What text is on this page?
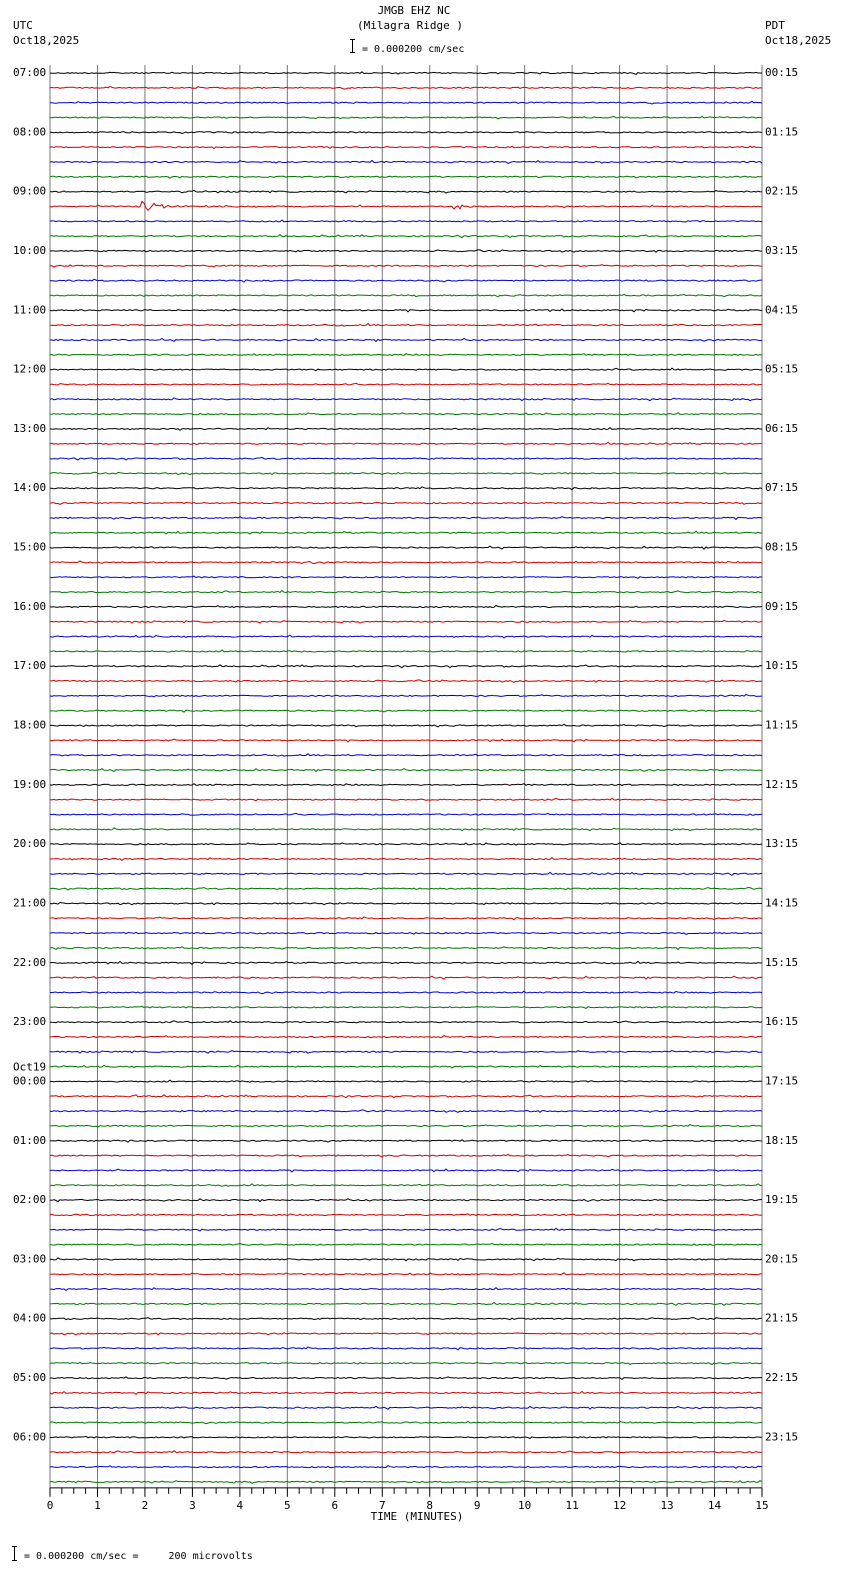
JMGB EHZ NC
(Milagra Ridge )
= 0.000200 cm/sec
UTC
Oct18,2025
PDT
Oct18,2025
07:00
08:00
09:00
10:00
11:00
12:00
13:00
14:00
15:00
16:00
17:00
18:00
19:00
20:00
21:00
22:00
23:00
00:00
Oct19
01:00
02:00
03:00
04:00
05:00
06:00
00:15
01:15
02:15
03:15
04:15
05:15
06:15
07:15
08:15
09:15
10:15
11:15
12:15
13:15
14:15
15:15
16:15
17:15
18:15
19:15
20:15
21:15
22:15
23:15
0	1	2	3	4	5	6	7	8	9	10	11	12	13	14	15
TIME (MINUTES)
= 0.000200 cm/sec =     200 microvolts
